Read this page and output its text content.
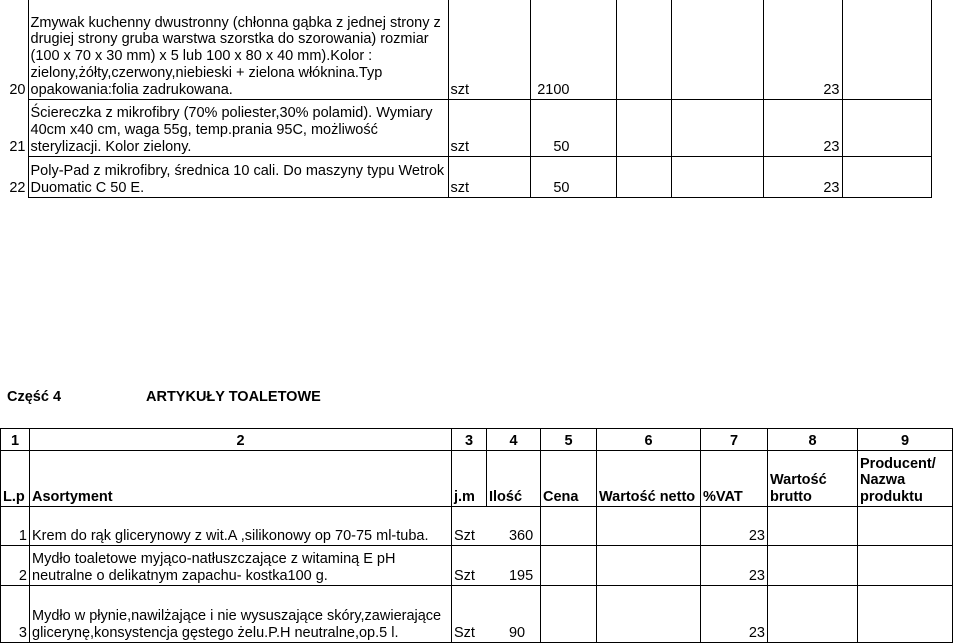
20	Zmywak kuchenny dwustronny (chłonna gąbka z jednej strony z drugiej strony gruba warstwa szorstka do szorowania) rozmiar (100 x 70 x 30 mm) x 5 lub 100 x 80 x 40 mm).Kolor : zielony,żółty,czerwony,niebieski + zielona włóknina.Typ opakowania:folia zadrukowana.	szt	2100			23		
21	Ściereczka z mikrofibry (70% poliester,30% polamid). Wymiary 40cm x40 cm, waga 55g, temp.prania 95C, możliwość sterylizacji. Kolor zielony.	szt	50			23		
22	Poly-Pad z mikrofibry, średnica 10 cali. Do maszyny typu Wetrok Duomatic C 50 E.	szt	50			23		
Część 4	ARTYKUŁY TOALETOWE
1	2	3	4	5	6	7	8	9
L.p	Asortyment	j.m	Ilość	Cena	Wartość netto	%VAT	Wartość brutto	Producent/ Nazwa produktu
1	Krem do rąk glicerynowy z wit.A ,silikonowy op 70-75 ml-tuba.	Szt 360				23		
2	Mydło toaletowe myjąco-natłuszczające z witaminą E pH neutralne o delikatnym zapachu- kostka100 g.	Szt 195				23		
3	Mydło w płynie,nawilżające i nie wysuszające skóry,zawierające glicerynę,konsystencja gęstego żelu.P.H neutralne,op.5 l.	Szt 90				23		
